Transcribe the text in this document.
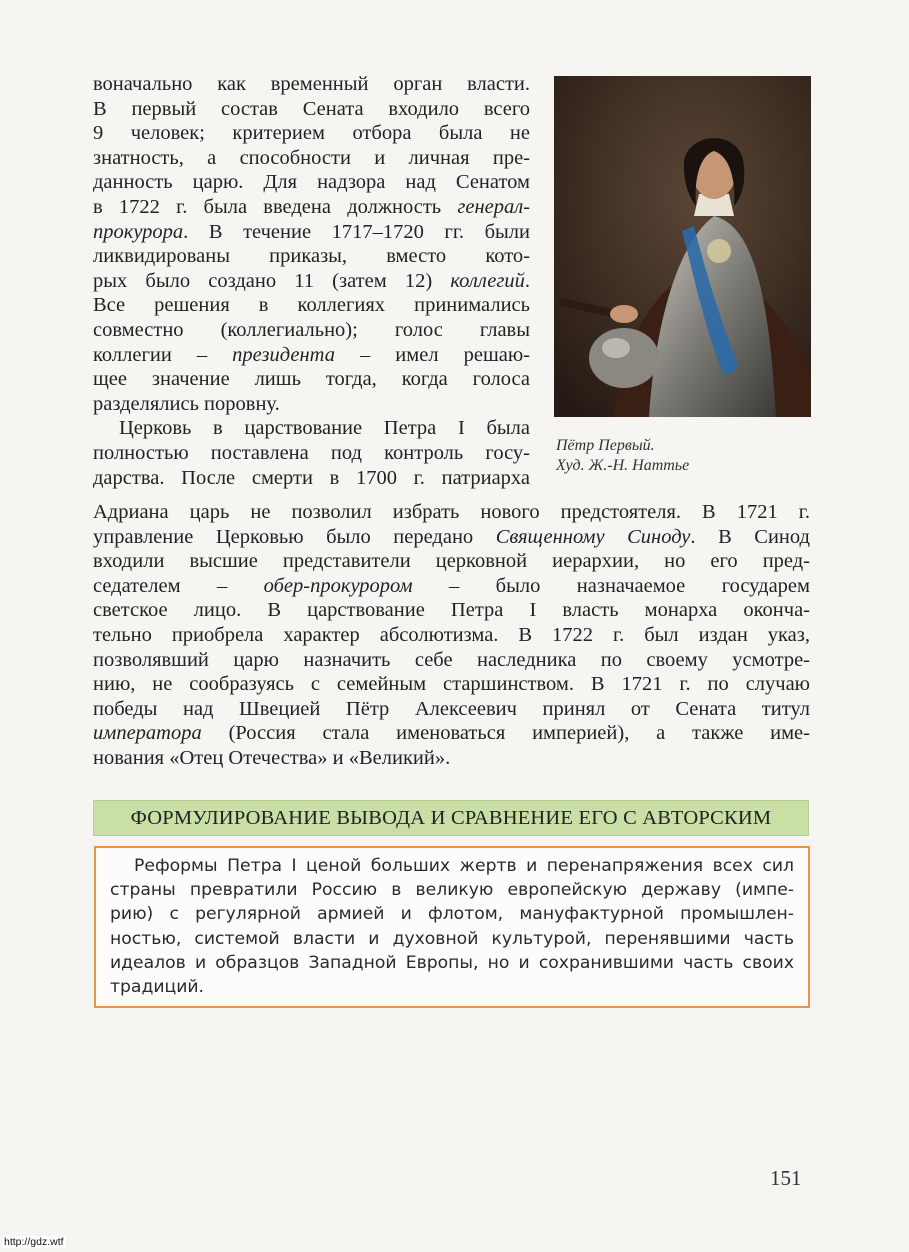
воначально как временный орган власти.
В первый состав Сената входило всего
9 человек; критерием отбора была не
знатность, а способности и личная пре-
данность царю. Для надзора над Сенатом
в 1722 г. была введена должность генерал-
прокурора. В течение 1717–1720 гг. были
ликвидированы приказы, вместо кото-
рых было создано 11 (затем 12) коллегий.
Все решения в коллегиях принимались
совместно (коллегиально); голос главы
коллегии – президента – имел решаю-
щее значение лишь тогда, когда голоса
разделялись поровну.
Церковь в царствование Петра I была
полностью поставлена под контроль госу-
дарства. После смерти в 1700 г. патриарха
Пётр Первый.
Худ. Ж.-Н. Наттье
Адриана царь не позволил избрать нового предстоятеля. В 1721 г.
управление Церковью было передано Священному Синоду. В Синод
входили высшие представители церковной иерархии, но его пред-
седателем – обер-прокурором – было назначаемое государем
светское лицо. В царствование Петра I власть монарха оконча-
тельно приобрела характер абсолютизма. В 1722 г. был издан указ,
позволявший царю назначить себе наследника по своему усмотре-
нию, не сообразуясь с семейным старшинством. В 1721 г. по случаю
победы над Швецией Пётр Алексеевич принял от Сената титул
императора (Россия стала именоваться империей), а также име-
нования «Отец Отечества» и «Великий».
ФОРМУЛИРОВАНИЕ ВЫВОДА И СРАВНЕНИЕ ЕГО С АВТОРСКИМ
Реформы Петра I ценой больших жертв и перенапряжения всех сил
страны превратили Россию в великую европейскую державу (импе-
рию) с регулярной армией и флотом, мануфактурной промышлен-
ностью, системой власти и духовной культурой, перенявшими часть
идеалов и образцов Западной Европы, но и сохранившими часть своих
традиций.
151
http://gdz.wtf
